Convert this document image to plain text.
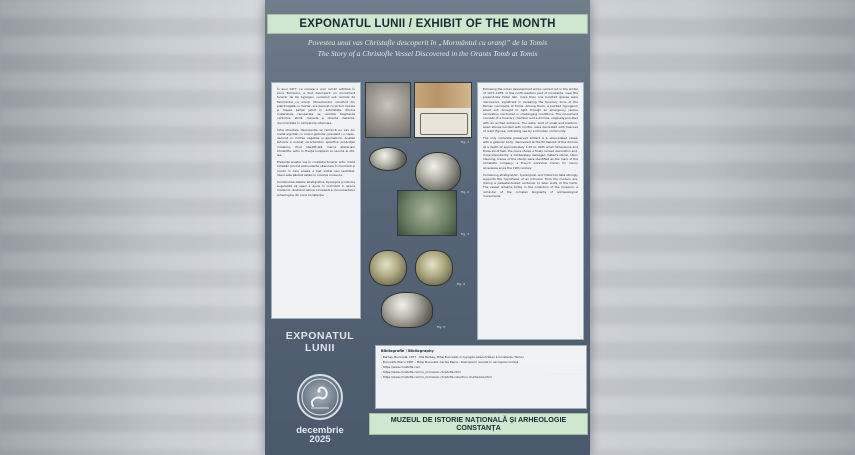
EXPONATUL LUNII / EXHIBIT OF THE MONTH
Povestea unui vas Christofle descoperit în „Mormântul cu oranți” de la Tomis
The Story of a Christofle Vessel Discovered in the Orants Tomb at Tomis

În anul 1977, ca urmare a unor lucrări edilitare în zona Tomisului, a fost descoperit un monument funerar de tip hypogeu, cunoscut sub numele de Mormântul cu oranți. Monumentul, construit din piatră legată cu mortar, era decorat cu picturi murale și fusese parțial jefuit în antichitate. Printre materialele recuperate se numără fragmente ceramice, sticlă, monede și obiecte metalice, documentate în campaniile ulterioare.

Între obiectele descoperite se remarcă un vas din metal argintat, cu corpul globular, prevăzut cu capac, decorat cu motive vegetale și geometrice. Analiza tehnică a indicat caracteristici specifice producției moderne, fiind identificată marca atelierului Christofle, activ în Franța începând cu secolul al XIX-lea.

Prezența acestui vas în contextul funerar antic ridică întrebări privind pătrunderile ulterioare în mormânt și modul în care acesta a fost vizitat sau reutilizat. Vasul este păstrat astăzi în colecția muzeului.

Combinarea datelor stratigrafice, tipologice și istorice sugerează că vasul a ajuns în mormânt în epoca modernă, ilustrând istoria complexă a monumentelor arheologice din zona Constanței.

Fig. 1
Fig. 2
Fig. 3
Fig. 4
Fig. 5

Following the urban development works carried out in the winter of 1977–1978, in the north-western part of Constanța, near the present-day Hotel Iaki, more than one hundred graves were discovered, significant in revealing the funerary zone of the Roman necropolis of Tomis. Among them, a painted hypogeum stood out, brought to light through an emergency rescue excavation conducted in challenging conditions. The monument consists of a funerary chamber and a dromos, originally provided with an arched entrance. The walls, built of small and medium-sized stones bonded with mortar, were decorated with frescoes of orant figures, indicating use by a Christian community.

The only complete preserved artifact is a silver-plated vessel with a globular body, discovered at the fill deposit of the dromos at a depth of approximately 1.40 m. With small dimensions and three short feet, the piece shows a finely incised decoration and, more importantly, a deliberately damaged maker's stamp. Upon cleaning, traces of the stamp were identified as the mark of the Christofle company, a French workshop known for luxury silverware since the 19th century.

Combining stratigraphic, typological, and historical data strongly supports the hypothesis of an intrusion from the modern era, linking a pedestal-footed container to later visits of the tomb. The vessel remains today in the collection of the museum, a reminder of the complex biography of archaeological monuments.

Bibliografie / Bibliography
- Barbeş, Bucovală, 1977 – Mia Barbeş, Mihai Bucovală, O hypogée paléochrétien à Constanța (Tomis)
- Bucovală, Pascu 1997 – Mihai Bucovală, Cecilia Pașca – Descoperiri recente în necropola romană
- https://www.christofle.com
- https://www.christofle.com/ro_ro/maison-christofle.html
- https://www.christofle.com/ro_ro/maison-christofle-collection-of-artworks.html
Curator:
Ingrid Petcu-Levei, arheolog
EXPONATUL LUNII
decembrie
2025
MUZEUL DE ISTORIE NAȚIONALĂ ȘI ARHEOLOGIE
CONSTANȚA
